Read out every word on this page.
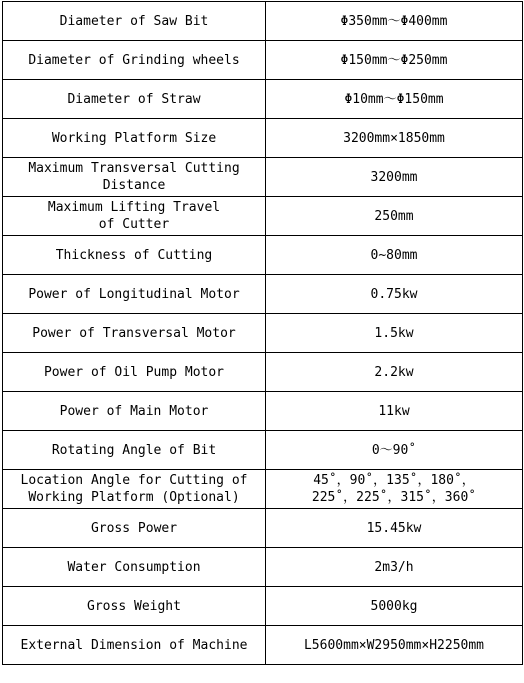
Diameter of Saw Bit	Φ350mm～Φ400mm
Diameter of Grinding wheels	Φ150mm～Φ250mm
Diameter of Straw	Φ10mm～Φ150mm
Working Platform Size	3200mm×1850mm
Maximum Transversal Cutting
Distance	3200mm
Maximum Lifting Travel
of Cutter	250mm
Thickness of Cutting	0~80mm
Power of Longitudinal Motor	0.75kw
Power of Transversal Motor	1.5kw
Power of Oil Pump Motor	2.2kw
Power of Main Motor	11kw
Rotating Angle of Bit	0～90˚
Location Angle for Cutting of
Working Platform (Optional)	45˚，90˚，135˚，180˚，
225˚，225˚，315˚，360˚
Gross Power	15.45kw
Water Consumption	2m3/h
Gross Weight	5000kg
External Dimension of Machine	L5600mm×W2950mm×H2250mm
